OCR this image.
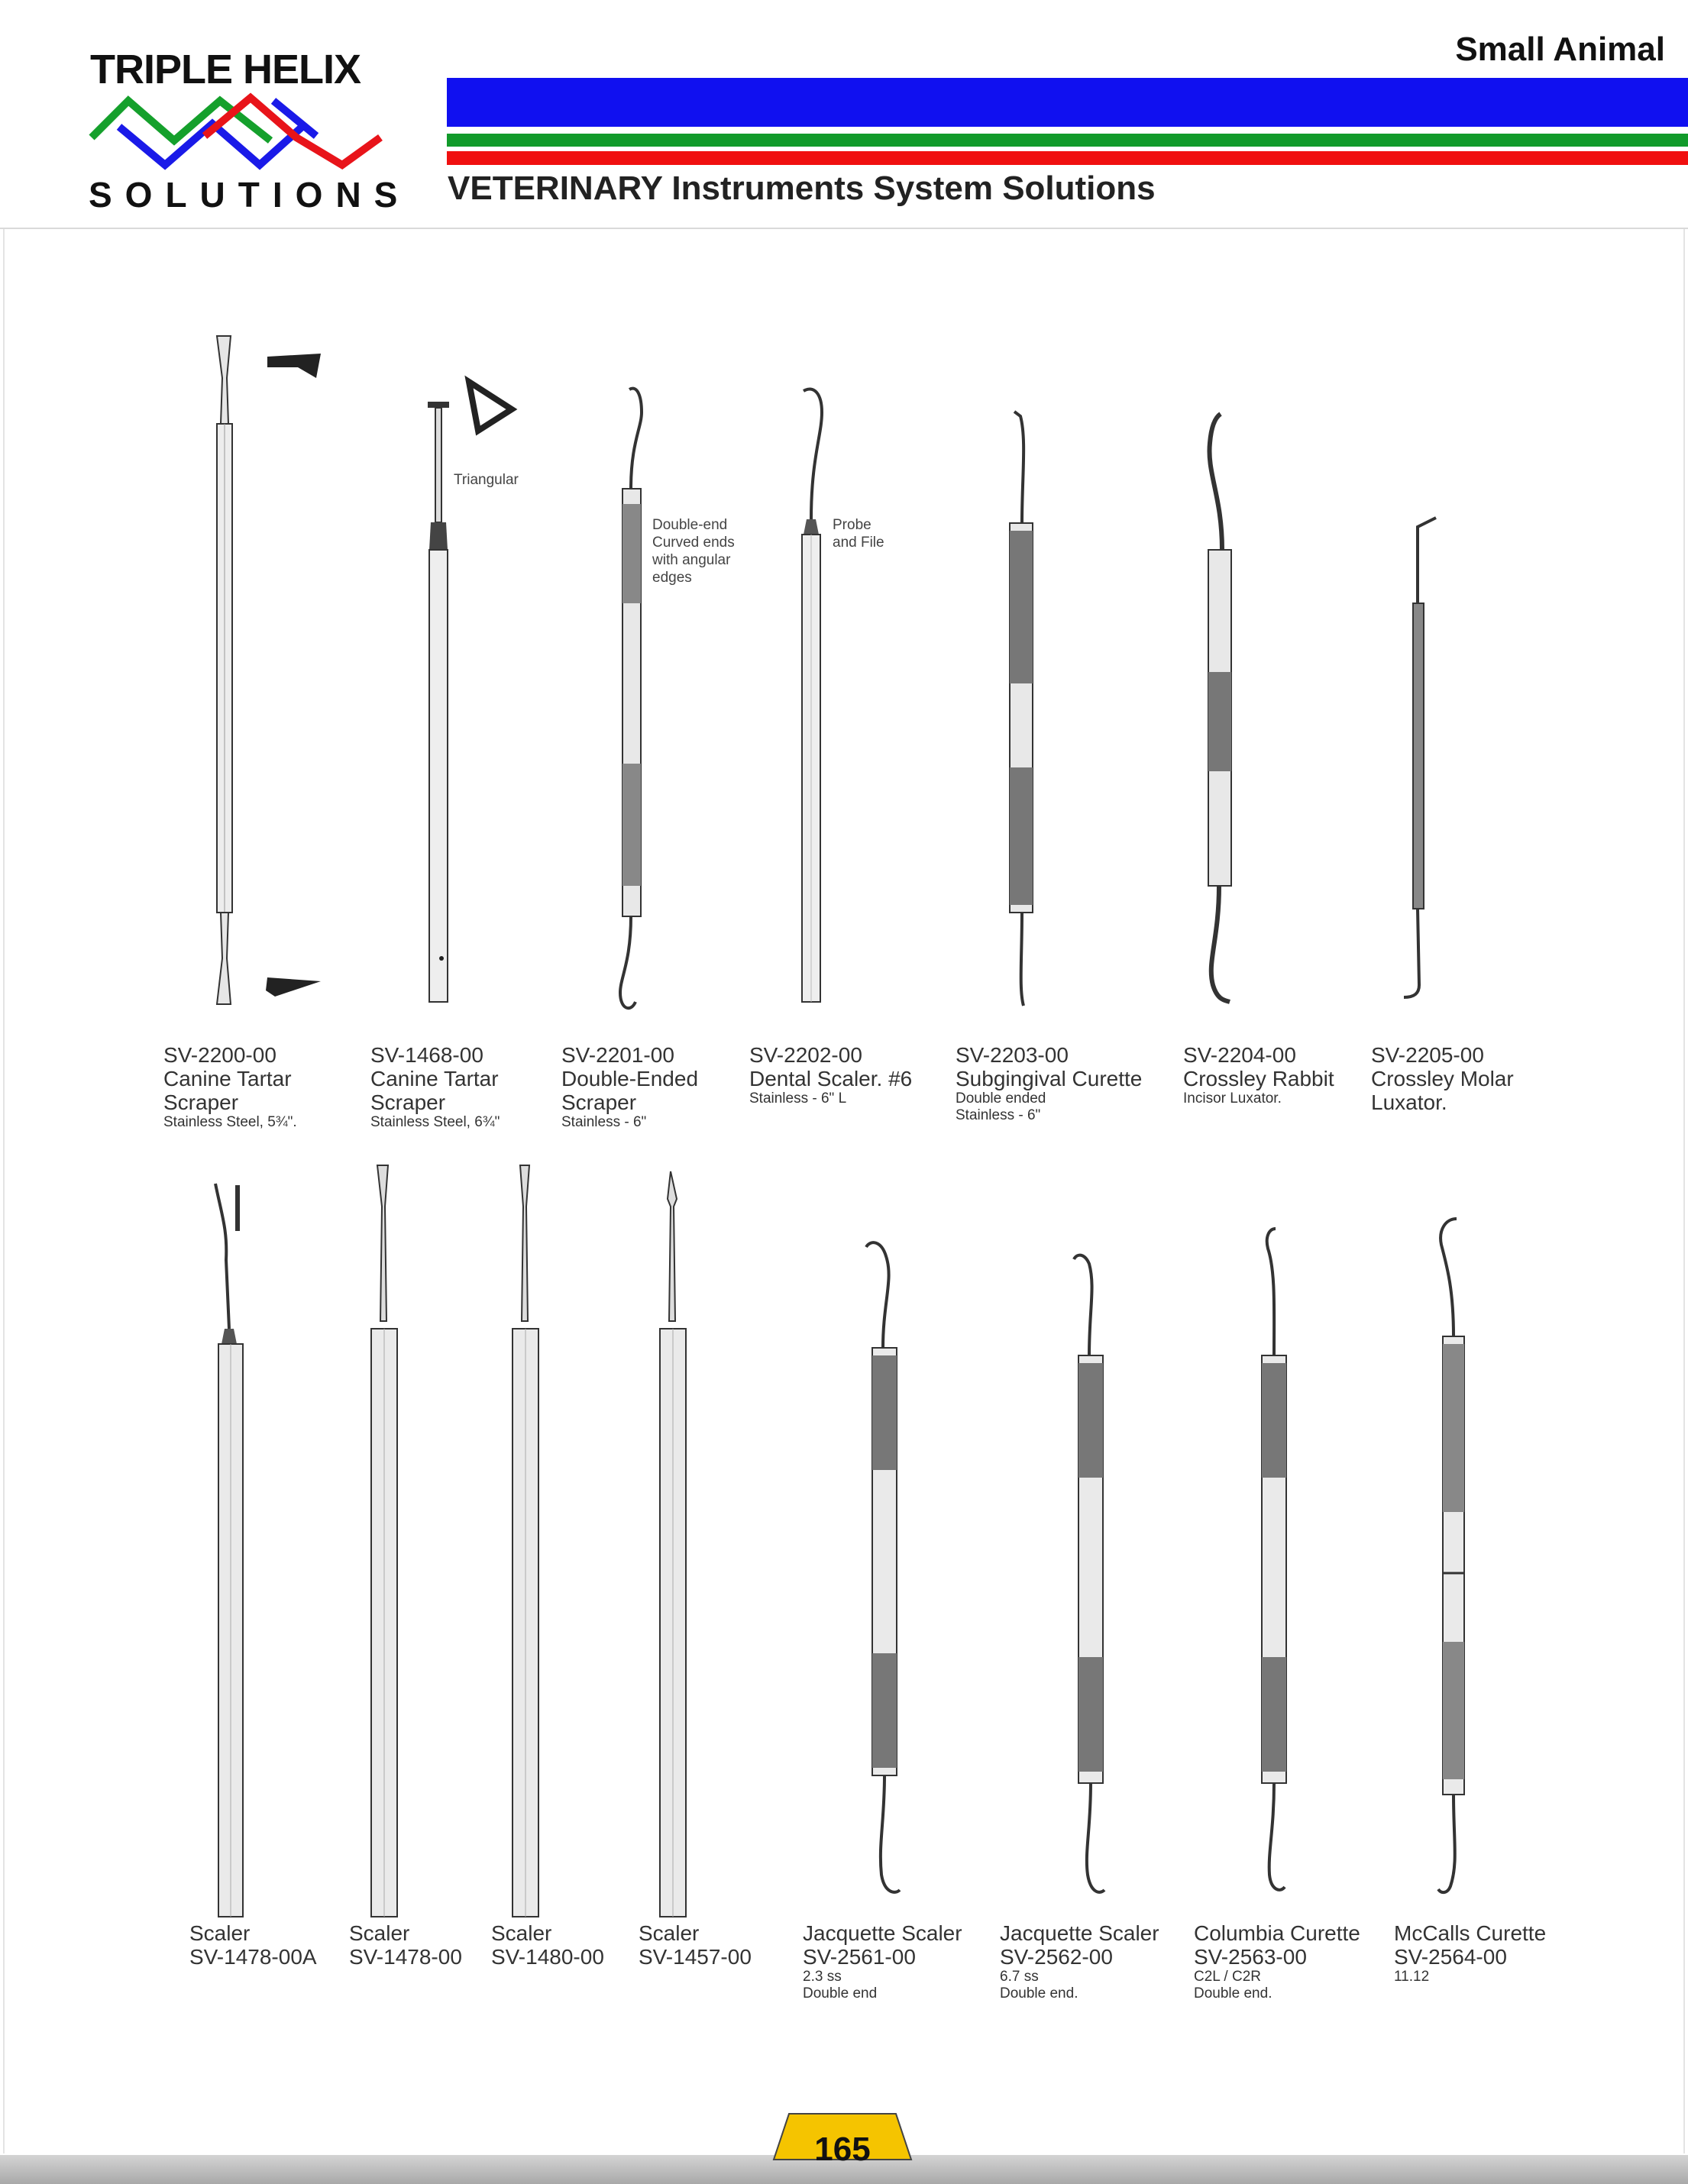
TRIPLE HELIX
SOLUTIONS
Small Animal
VETERINARY Instruments System Solutions
Triangular
Double-end
Curved ends
with angular
edges
Probe
and File
SV-2200-00
Canine Tartar
Scraper
Stainless Steel, 5¾".
SV-1468-00
Canine Tartar
Scraper
Stainless Steel, 6¾"
SV-2201-00
Double-Ended
Scraper
Stainless - 6"
SV-2202-00
Dental Scaler. #6
Stainless - 6" L
SV-2203-00
Subgingival Curette
Double ended
Stainless - 6"
SV-2204-00
Crossley Rabbit
Incisor Luxator.
SV-2205-00
Crossley Molar
Luxator.
Scaler
SV-1478-00A
Scaler
SV-1478-00
Scaler
SV-1480-00
Scaler
SV-1457-00
Jacquette Scaler
SV-2561-00
2.3 ss
Double end
Jacquette Scaler
SV-2562-00
6.7 ss
Double end.
Columbia Curette
SV-2563-00
C2L / C2R
Double end.
McCalls Curette
SV-2564-00
11.12
165
